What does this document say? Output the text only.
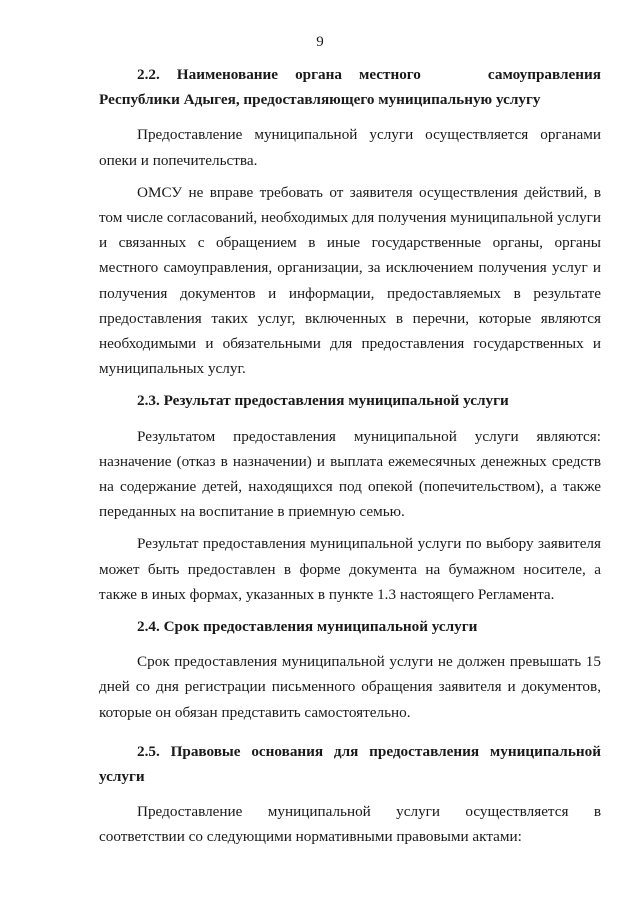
9
2.2. Наименование органа местного	самоуправления
Республики Адыгея, предоставляющего муниципальную услугу

Предоставление муниципальной услуги осуществляется органами опеки и попечительства.

ОМСУ не вправе требовать от заявителя осуществления действий, в том числе согласований, необходимых для получения муниципальной услуги и связанных с обращением в иные государственные органы, органы местного самоуправления, организации, за исключением получения услуг и получения документов и информации, предоставляемых в результате предоставления таких услуг, включенных в перечни, которые являются необходимыми и обязательными для предоставления государственных и муниципальных услуг.

2.3. Результат предоставления муниципальной услуги

Результатом предоставления муниципальной услуги являются: назначение (отказ в назначении) и выплата ежемесячных денежных средств на содержание детей, находящихся под опекой (попечительством), а также переданных на воспитание в приемную семью.

Результат предоставления муниципальной услуги по выбору заявителя может быть предоставлен в форме документа на бумажном носителе, а также в иных формах, указанных в пункте 1.3 настоящего Регламента.

2.4. Срок предоставления муниципальной услуги

Срок предоставления муниципальной услуги не должен превышать 15 дней со дня регистрации письменного обращения заявителя и документов, которые он обязан представить самостоятельно.

2.5. Правовые основания для предоставления муниципальной
услуги

Предоставление муниципальной услуги осуществляется в соответствии со следующими нормативными правовыми актами:
